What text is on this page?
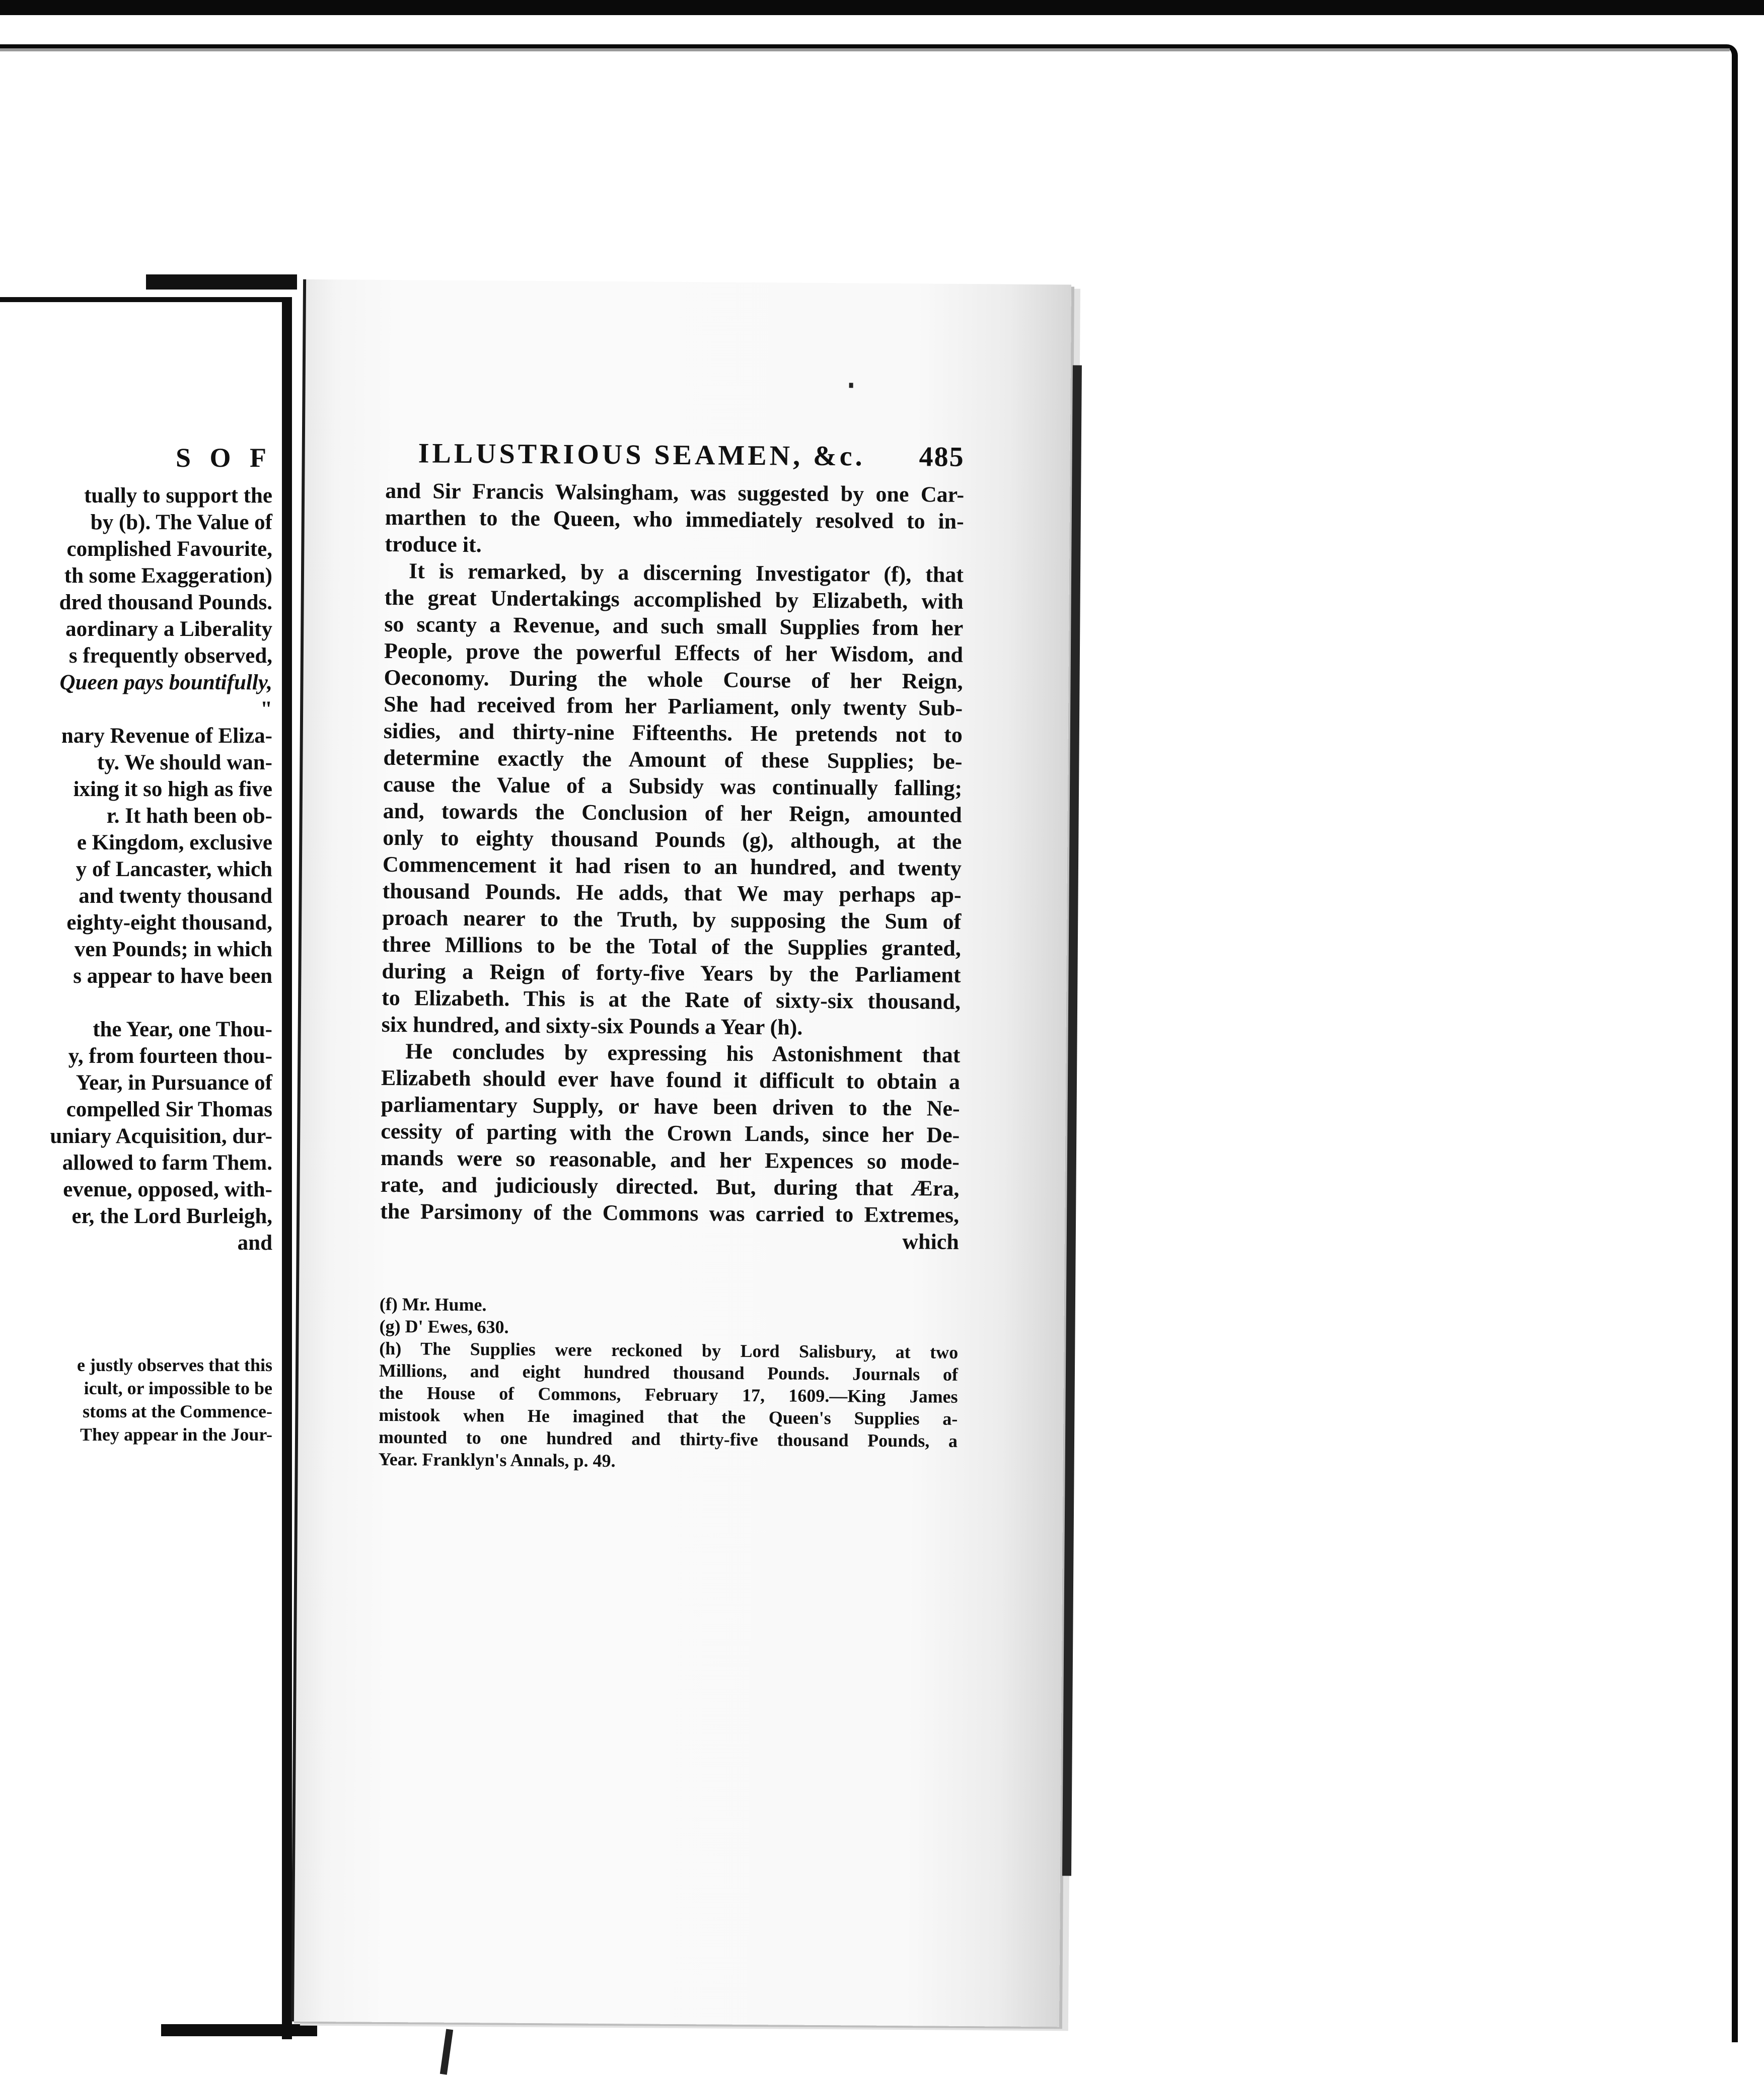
S O F
tually to support the
by (b). The Value of
complished Favourite,
th some Exaggeration)
dred thousand Pounds.
aordinary a Liberality
s frequently observed,
Queen pays bountifully,
"
nary Revenue of Eliza-
ty. We should wan-
ixing it so high as five
r. It hath been ob-
e Kingdom, exclusive
y of Lancaster, which
and twenty thousand
eighty-eight thousand,
ven Pounds; in which
s appear to have been

the Year, one Thou-
y, from fourteen thou-
Year, in Pursuance of
compelled Sir Thomas
uniary Acquisition, dur-
allowed to farm Them.
evenue, opposed, with-
er, the Lord Burleigh,
and
e justly observes that this
icult, or impossible to be
stoms at the Commence-
They appear in the Jour-
ILLUSTRIOUS SEAMEN, &c. 485
and Sir Francis Walsingham, was suggested by one Car-
marthen to the Queen, who immediately resolved to in-
troduce it.
It is remarked, by a discerning Investigator (f), that
the great Undertakings accomplished by Elizabeth, with
so scanty a Revenue, and such small Supplies from her
People, prove the powerful Effects of her Wisdom, and
Oeconomy. During the whole Course of her Reign,
She had received from her Parliament, only twenty Sub-
sidies, and thirty-nine Fifteenths. He pretends not to
determine exactly the Amount of these Supplies; be-
cause the Value of a Subsidy was continually falling;
and, towards the Conclusion of her Reign, amounted
only to eighty thousand Pounds (g), although, at the
Commencement it had risen to an hundred, and twenty
thousand Pounds. He adds, that We may perhaps ap-
proach nearer to the Truth, by supposing the Sum of
three Millions to be the Total of the Supplies granted,
during a Reign of forty-five Years by the Parliament
to Elizabeth. This is at the Rate of sixty-six thousand,
six hundred, and sixty-six Pounds a Year (h).
He concludes by expressing his Astonishment that
Elizabeth should ever have found it difficult to obtain a
parliamentary Supply, or have been driven to the Ne-
cessity of parting with the Crown Lands, since her De-
mands were so reasonable, and her Expences so mode-
rate, and judiciously directed. But, during that Æra,
the Parsimony of the Commons was carried to Extremes,
which
(f) Mr. Hume.
(g) D' Ewes, 630.
(h) The Supplies were reckoned by Lord Salisbury, at two
Millions, and eight hundred thousand Pounds. Journals of
the House of Commons, February 17, 1609.—King James
mistook when He imagined that the Queen's Supplies a-
mounted to one hundred and thirty-five thousand Pounds, a
Year. Franklyn's Annals, p. 49.
